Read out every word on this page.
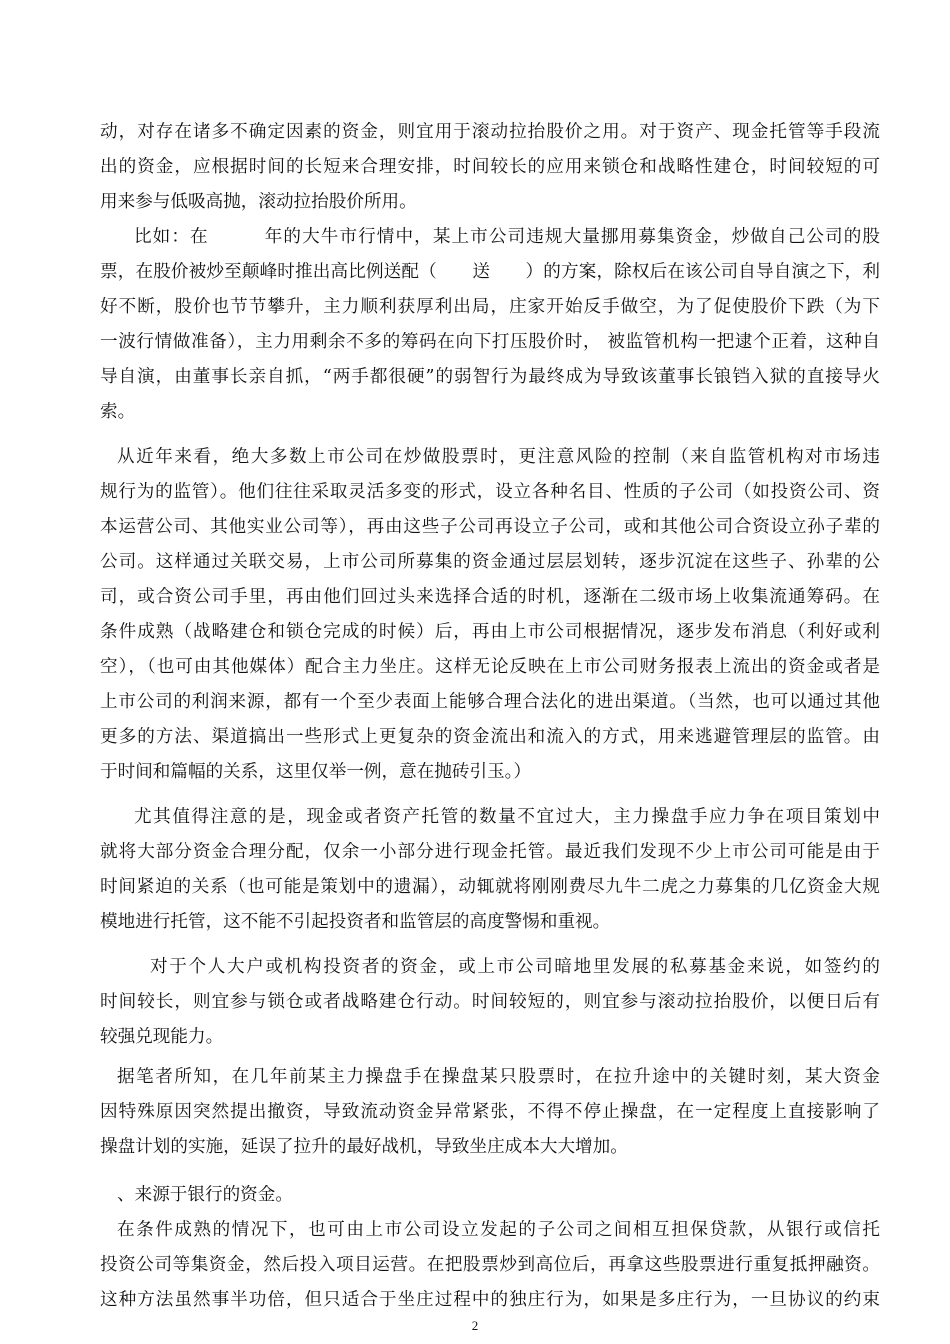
动，对存在诸多不确定因素的资金，则宜用于滚动拉抬股价之用。对于资产、现金托管等手段流
出的资金，应根据时间的长短来合理安排，时间较长的应用来锁仓和战略性建仓，时间较短的可
用来参与低吸高抛，滚动拉抬股价所用。
比如：在　　　年的大牛市行情中，某上市公司违规大量挪用募集资金，炒做自己公司的股
票，在股价被炒至颠峰时推出高比例送配（　　送　　）的方案，除权后在该公司自导自演之下，利
好不断，股价也节节攀升，主力顺利获厚利出局，庄家开始反手做空，为了促使股价下跌（为下
一波行情做准备），主力用剩余不多的筹码在向下打压股价时， 被监管机构一把逮个正着，这种自
导自演，由董事长亲自抓，“两手都很硬”的弱智行为最终成为导致该董事长锒铛入狱的直接导火
索。
从近年来看，绝大多数上市公司在炒做股票时，更注意风险的控制（来自监管机构对市场违
规行为的监管）。他们往往采取灵活多变的形式，设立各种名目、性质的子公司（如投资公司、资
本运营公司、其他实业公司等），再由这些子公司再设立子公司，或和其他公司合资设立孙子辈的
公司。这样通过关联交易，上市公司所募集的资金通过层层划转，逐步沉淀在这些子、孙辈的公
司，或合资公司手里，再由他们回过头来选择合适的时机，逐渐在二级市场上收集流通筹码。在
条件成熟（战略建仓和锁仓完成的时候）后，再由上市公司根据情况，逐步发布消息（利好或利
空），（也可由其他媒体）配合主力坐庄。这样无论反映在上市公司财务报表上流出的资金或者是
上市公司的利润来源，都有一个至少表面上能够合理合法化的进出渠道。（当然，也可以通过其他
更多的方法、渠道搞出一些形式上更复杂的资金流出和流入的方式，用来逃避管理层的监管。由
于时间和篇幅的关系，这里仅举一例，意在抛砖引玉。）
尤其值得注意的是，现金或者资产托管的数量不宜过大，主力操盘手应力争在项目策划中
就将大部分资金合理分配，仅余一小部分进行现金托管。最近我们发现不少上市公司可能是由于
时间紧迫的关系（也可能是策划中的遗漏），动辄就将刚刚费尽九牛二虎之力募集的几亿资金大规
模地进行托管，这不能不引起投资者和监管层的高度警惕和重视。
对于个人大户或机构投资者的资金，或上市公司暗地里发展的私募基金来说，如签约的
时间较长，则宜参与锁仓或者战略建仓行动。时间较短的，则宜参与滚动拉抬股价，以便日后有
较强兑现能力。
据笔者所知，在几年前某主力操盘手在操盘某只股票时，在拉升途中的关键时刻，某大资金
因特殊原因突然提出撤资，导致流动资金异常紧张，不得不停止操盘，在一定程度上直接影响了
操盘计划的实施，延误了拉升的最好战机，导致坐庄成本大大增加。
、来源于银行的资金。
在条件成熟的情况下，也可由上市公司设立发起的子公司之间相互担保贷款，从银行或信托
投资公司等集资金，然后投入项目运营。在把股票炒到高位后，再拿这些股票进行重复抵押融资。
这种方法虽然事半功倍，但只适合于坐庄过程中的独庄行为，如果是多庄行为，一旦协议的约束
2
